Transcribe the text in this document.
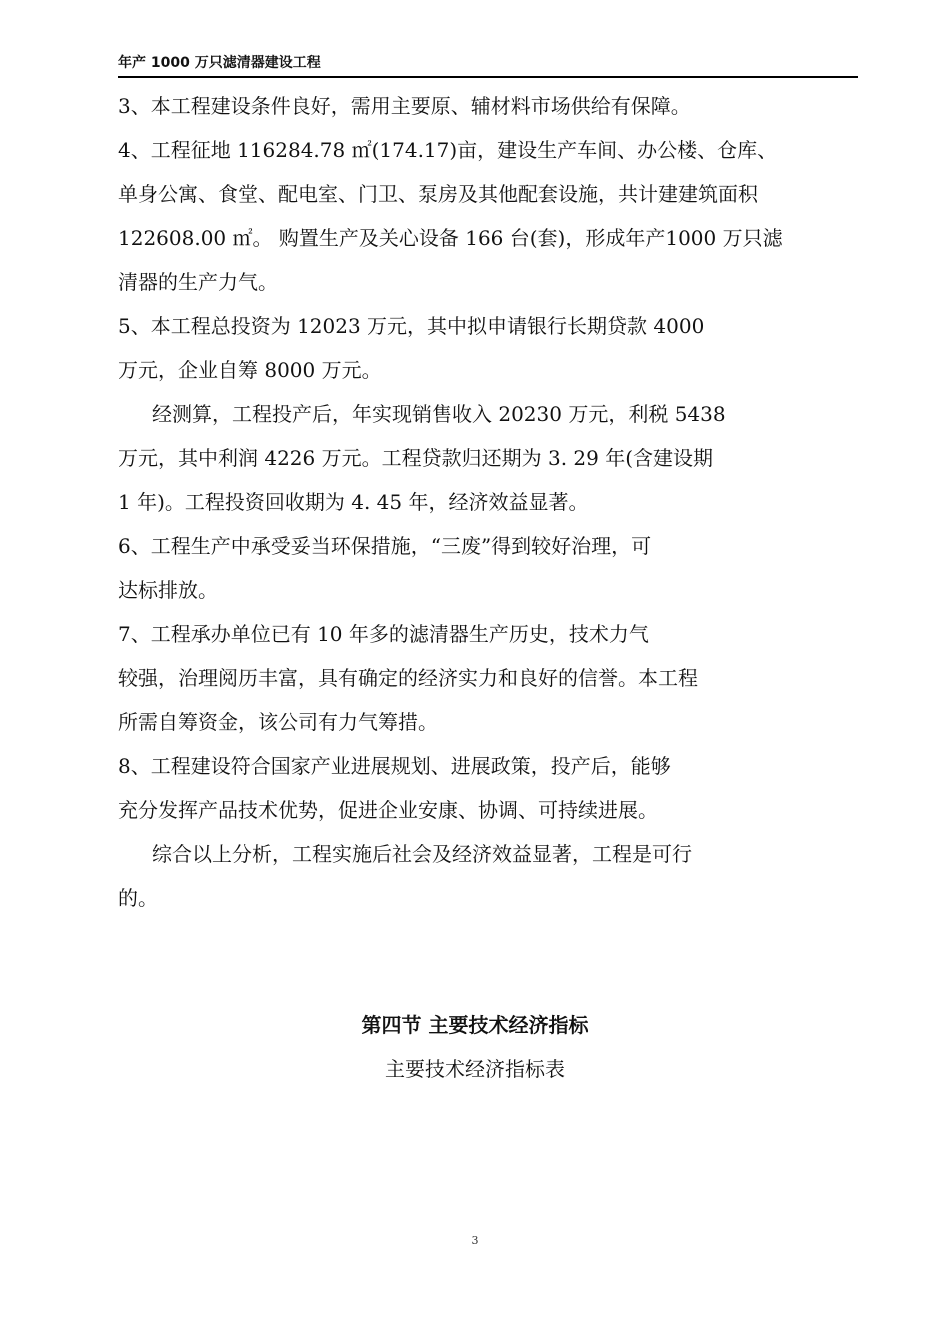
年产 1000 万只滤清器建设工程
3、本工程建设条件良好，需用主要原、辅材料市场供给有保障。
4、工程征地 116284.78 ㎡(174.17)亩，建设生产车间、办公楼、仓库、
单身公寓、食堂、配电室、门卫、泵房及其他配套设施，共计建建筑面积
122608.00 ㎡。 购置生产及关心设备 166 台(套)，形成年产1000 万只滤
清器的生产力气。
5、本工程总投资为 12023 万元，其中拟申请银行长期贷款 4000
万元，企业自筹 8000 万元。
经测算，工程投产后，年实现销售收入 20230 万元，利税 5438
万元，其中利润 4226 万元。工程贷款归还期为 3. 29 年(含建设期
1 年)。工程投资回收期为 4. 45 年，经济效益显著。
6、工程生产中承受妥当环保措施，“三废”得到较好治理，可
达标排放。
7、工程承办单位已有 10 年多的滤清器生产历史，技术力气
较强，治理阅历丰富，具有确定的经济实力和良好的信誉。本工程
所需自筹资金，该公司有力气筹措。
8、工程建设符合国家产业进展规划、进展政策，投产后，能够
充分发挥产品技术优势，促进企业安康、协调、可持续进展。
综合以上分析，工程实施后社会及经济效益显著，工程是可行
的。
第四节 主要技术经济指标
主要技术经济指标表
3
